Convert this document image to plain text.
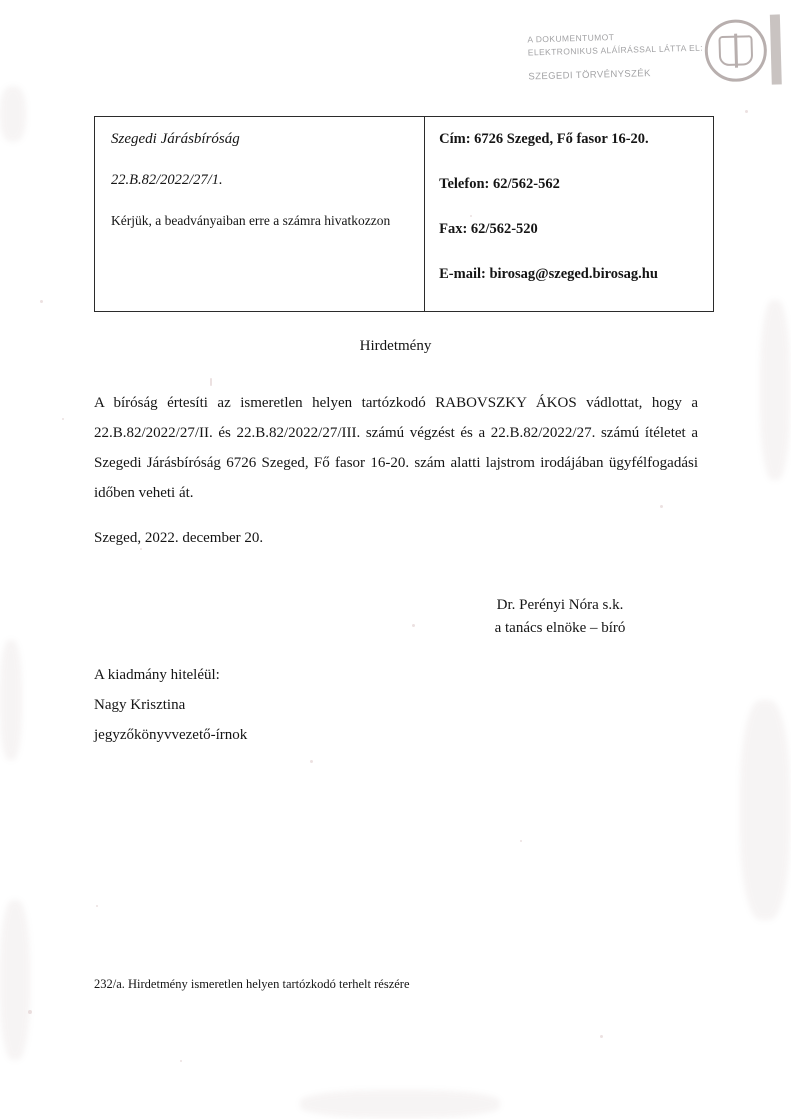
A DOKUMENTUMOT
ELEKTRONIKUS ALÁÍRÁSSAL LÁTTA EL:
SZEGEDI TÖRVÉNYSZÉK
Szegedi Járásbíróság
22.B.82/2022/27/1.
Kérjük, a beadványaiban erre a számra hivatkozzon

Cím: 6726 Szeged, Fő fasor 16-20.
Telefon: 62/562-562
Fax: 62/562-520
E-mail: birosag@szeged.birosag.hu
Hirdetmény
A bíróság értesíti az ismeretlen helyen tartózkodó RABOVSZKY ÁKOS vádlottat, hogy a 22.B.82/2022/27/II. és 22.B.82/2022/27/III. számú végzést és a 22.B.82/2022/27. számú ítéletet a Szegedi Járásbíróság 6726 Szeged, Fő fasor 16-20. szám alatti lajstrom irodájában ügyfélfogadási időben veheti át.
Szeged, 2022. december 20.
Dr. Perényi Nóra s.k.
a tanács elnöke – bíró
A kiadmány hiteléül:
Nagy Krisztina
jegyzőkönyvvezető-írnok
232/a. Hirdetmény ismeretlen helyen tartózkodó terhelt részére
